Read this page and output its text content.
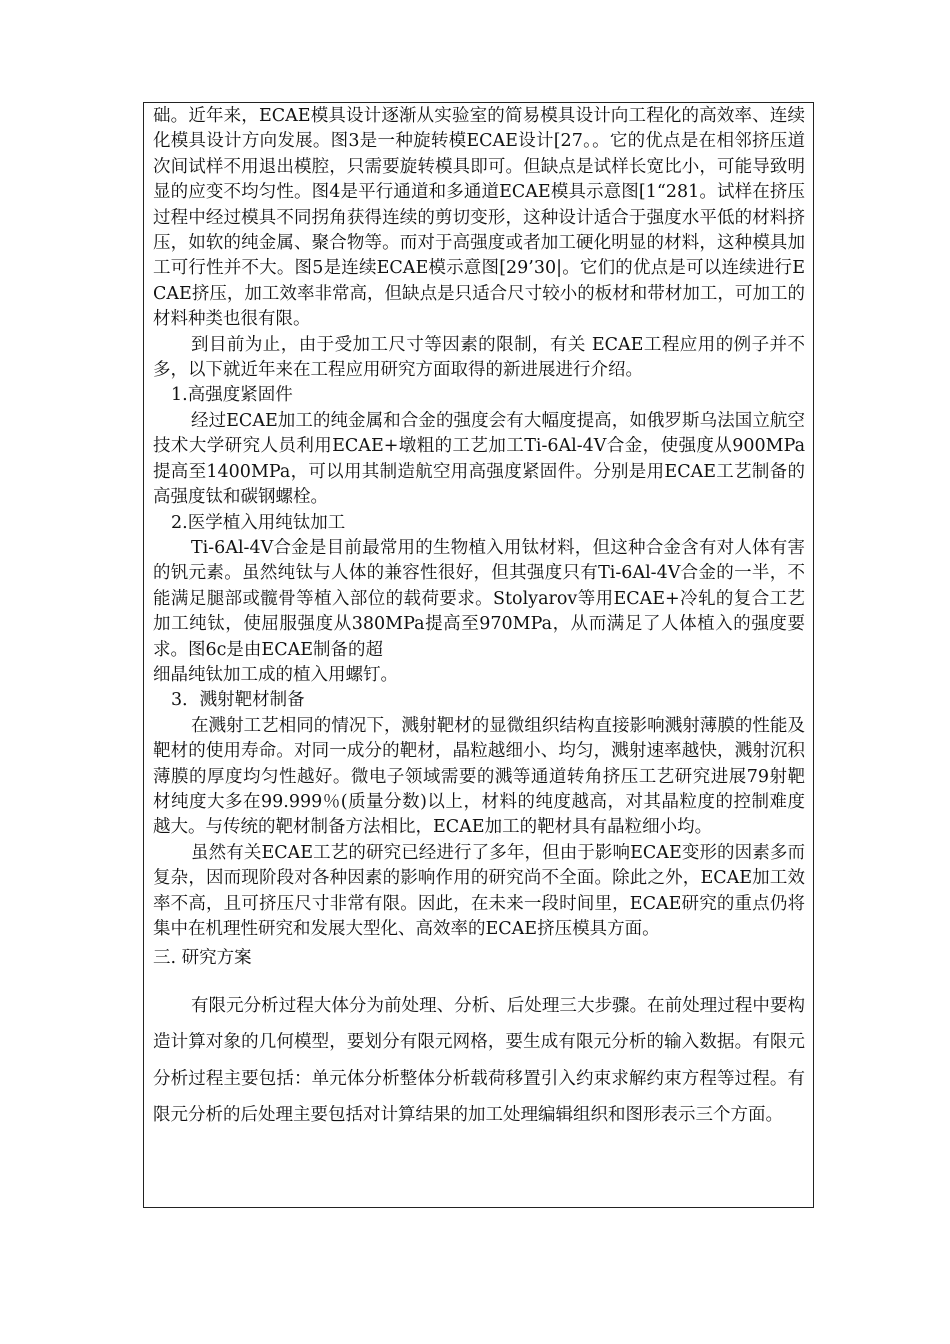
础。近年来，ECAE模具设计逐渐从实验室的简易模具设计向工程化的高效率、连续化模具设计方向发展。图3是一种旋转模ECAE设计[27。。它的优点是在相邻挤压道次间试样不用退出模腔，只需要旋转模具即可。但缺点是试样长宽比小，可能导致明显的应变不均匀性。图4是平行通道和多通道ECAE模具示意图[1“281。试样在挤压过程中经过模具不同拐角获得连续的剪切变形，这种设计适合于强度水平低的材料挤压，如软的纯金属、聚合物等。而对于高强度或者加工硬化明显的材料，这种模具加工可行性并不大。图5是连续ECAE模示意图[29’30|。它们的优点是可以连续进行ECAE挤压，加工效率非常高，但缺点是只适合尺寸较小的板材和带材加工，可加工的材料种类也很有限。

到目前为止，由于受加工尺寸等因素的限制，有关 ECAE工程应用的例子并不多，以下就近年来在工程应用研究方面取得的新进展进行介绍。

1.高强度紧固件

经过ECAE加工的纯金属和合金的强度会有大幅度提高，如俄罗斯乌法国立航空技术大学研究人员利用ECAE+墩粗的工艺加工Ti-6Al-4V合金，使强度从900MPa提高至1400MPa，可以用其制造航空用高强度紧固件。分别是用ECAE工艺制备的高强度钛和碳钢螺栓。

2.医学植入用纯钛加工

Ti-6Al-4V合金是目前最常用的生物植入用钛材料，但这种合金含有对人体有害的钒元素。虽然纯钛与人体的兼容性很好，但其强度只有Ti-6Al-4V合金的一半，不能满足腿部或髋骨等植入部位的载荷要求。Stolyarov等用ECAE+冷轧的复合工艺加工纯钛，使屈服强度从380MPa提高至970MPa，从而满足了人体植入的强度要求。图6c是由ECAE制备的超

细晶纯钛加工成的植入用螺钉。

3．溅射靶材制备

在溅射工艺相同的情况下，溅射靶材的显微组织结构直接影响溅射薄膜的性能及靶材的使用寿命。对同一成分的靶材，晶粒越细小、均匀，溅射速率越快，溅射沉积薄膜的厚度均匀性越好。微电子领域需要的溅等通道转角挤压工艺研究进展79射靶材纯度大多在99.999％(质量分数)以上，材料的纯度越高，对其晶粒度的控制难度越大。与传统的靶材制备方法相比，ECAE加工的靶材具有晶粒细小均。

虽然有关ECAE工艺的研究已经进行了多年，但由于影响ECAE变形的因素多而复杂，因而现阶段对各种因素的影响作用的研究尚不全面。除此之外，ECAE加工效率不高，且可挤压尺寸非常有限。因此，在未来一段时间里，ECAE研究的重点仍将集中在机理性研究和发展大型化、高效率的ECAE挤压模具方面。

三. 研究方案

有限元分析过程大体分为前处理、分析、后处理三大步骤。在前处理过程中要构造计算对象的几何模型，要划分有限元网格，要生成有限元分析的输入数据。有限元分析过程主要包括：单元体分析整体分析载荷移置引入约束求解约束方程等过程。有限元分析的后处理主要包括对计算结果的加工处理编辑组织和图形表示三个方面。
